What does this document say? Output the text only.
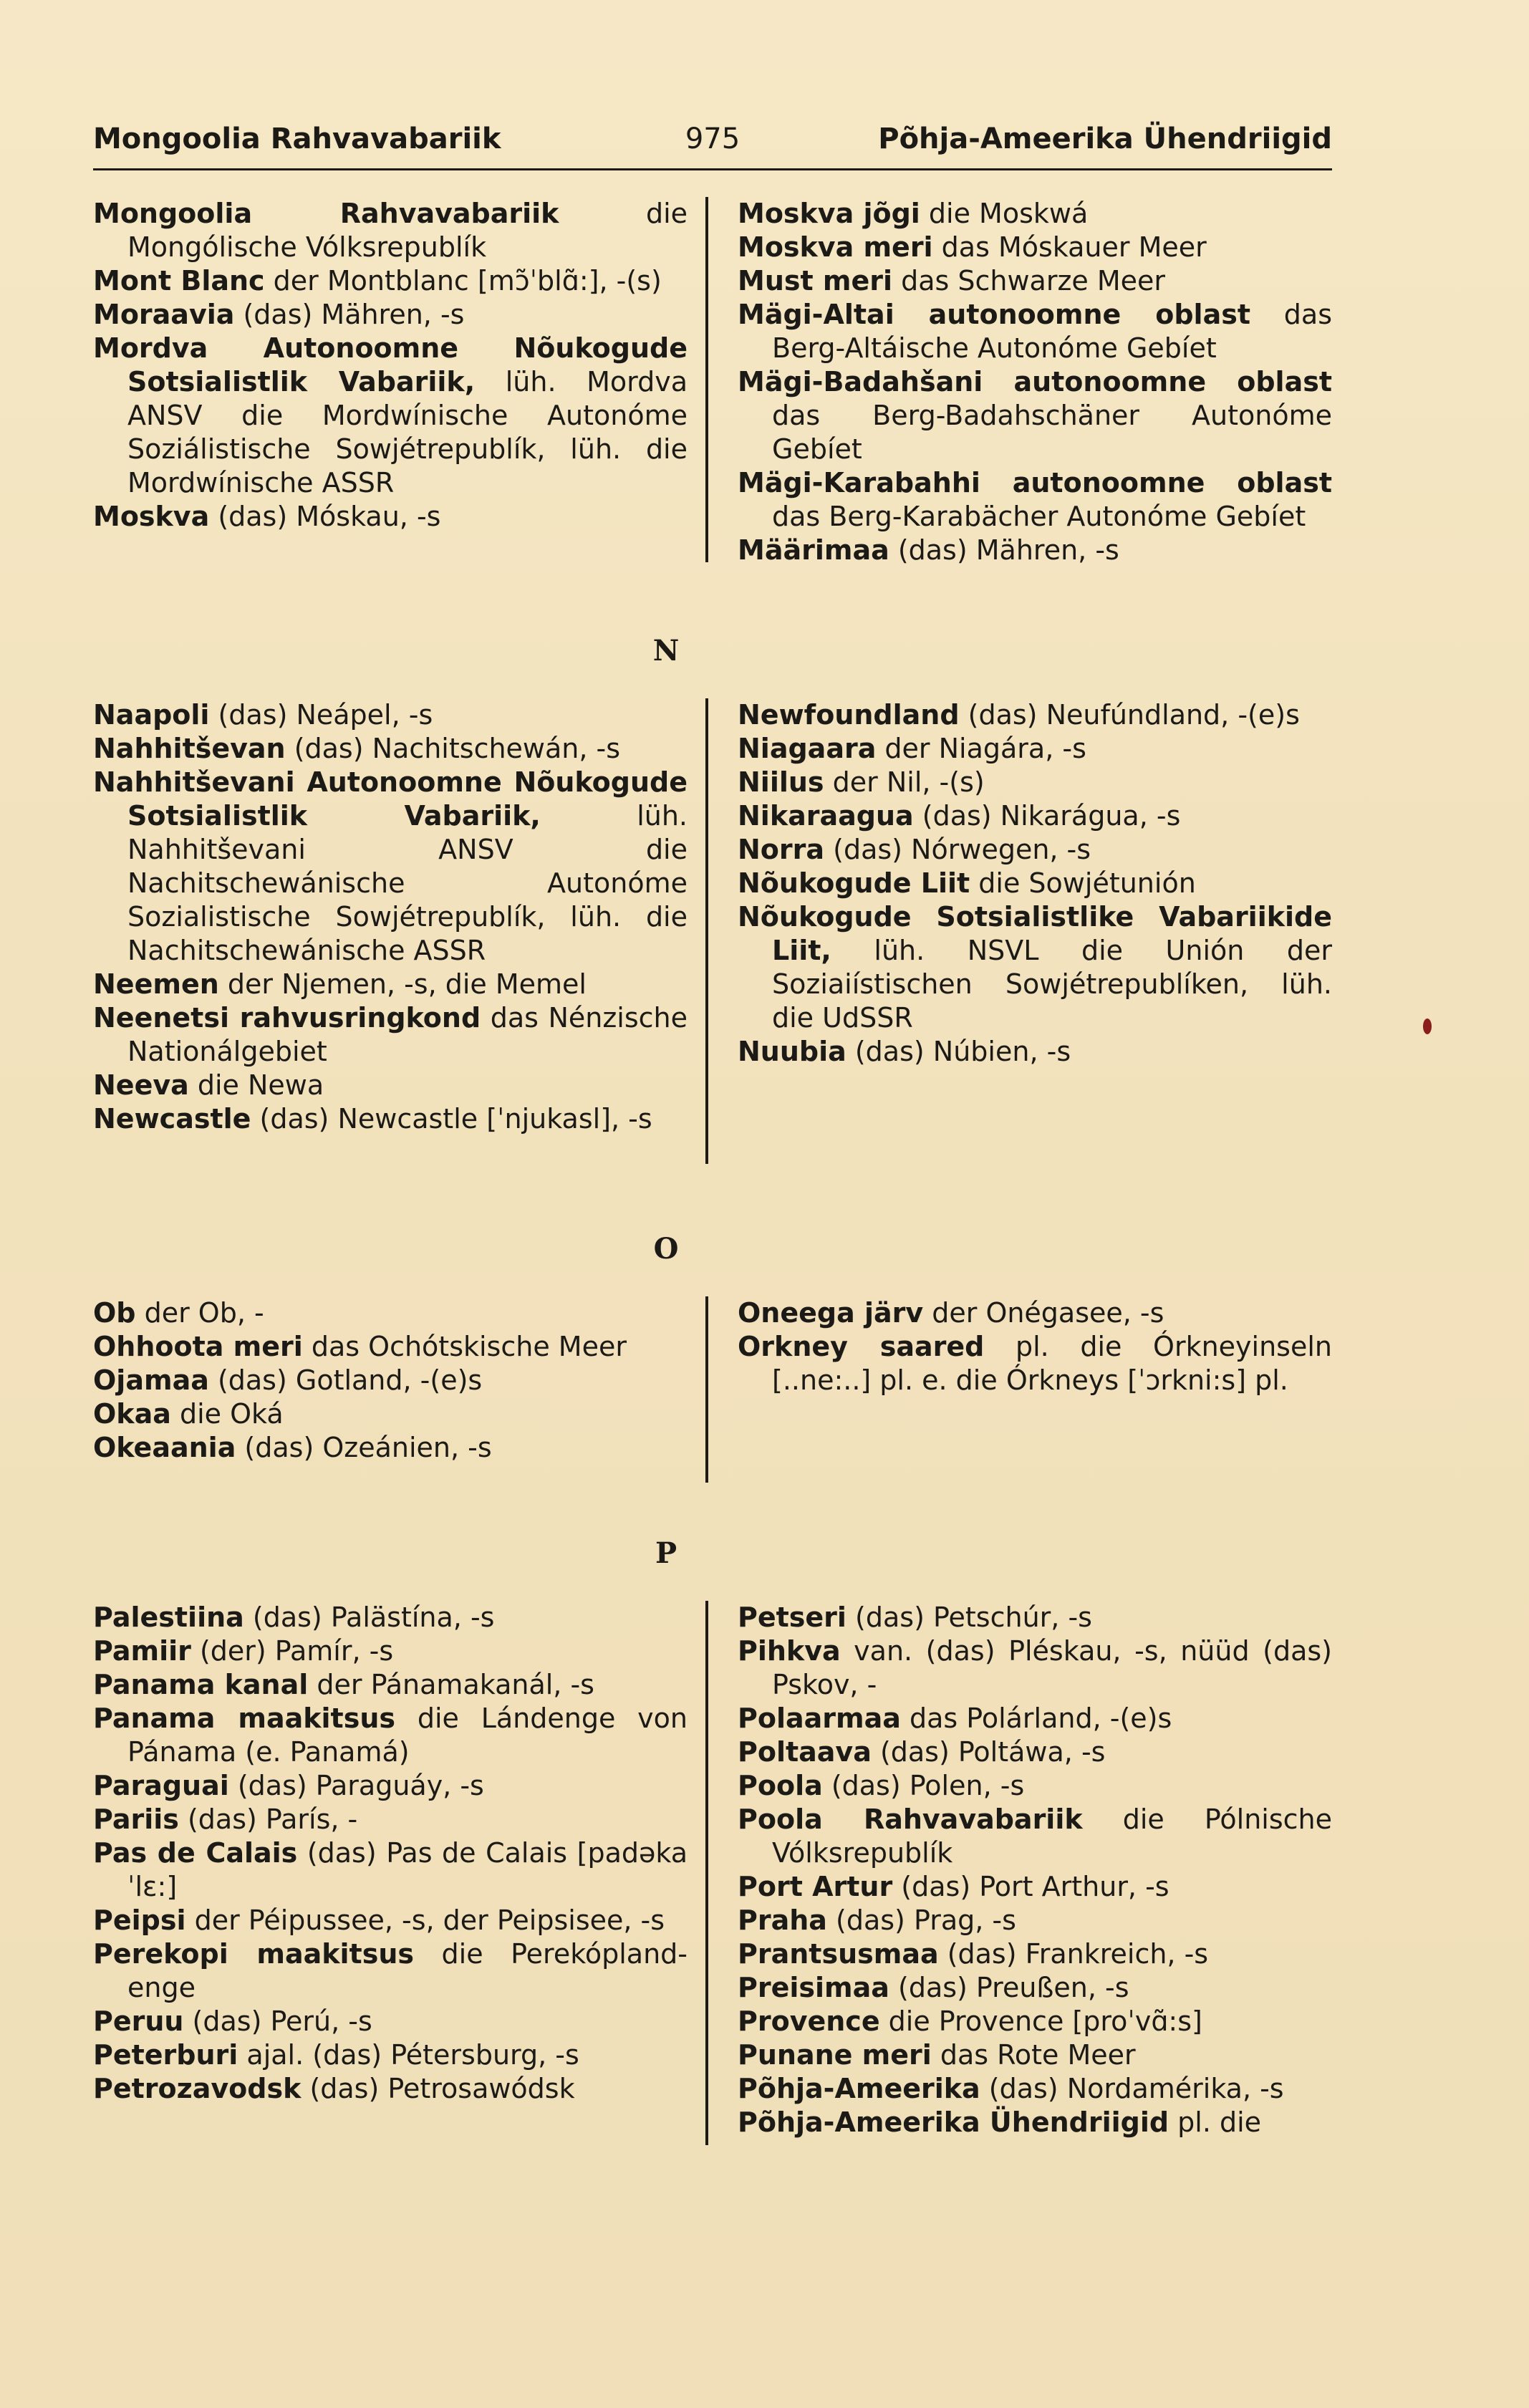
Mongoolia Rahvavabariik	975	Põhja-Ameerika Ühendriigid

Mongoolia Rahvavabariik die Mongólische Vólksrepublík

Mont Blanc der Montblanc [mɔ̃ˈblɑ̃:], -(s)

Moraavia (das) Mähren, -s

Mordva Autonoomne Nõukogude Sotsialistlik Vabariik, lüh. Mordva ANSV die Mordwínische Autonóme Soziálistische Sowjétrepublík, lüh. die Mordwínische ASSR

Moskva (das) Móskau, -s

Moskva jõgi die Moskwá

Moskva meri das Móskauer Meer

Must meri das Schwarze Meer

Mägi-Altai autonoomne oblast das Berg-Altáische Autonóme Gebíet

Mägi-Badahšani autonoomne oblast das Berg-Badahschäner Autonóme Gebíet

Mägi-Karabahhi autonoomne oblast das Berg-Karabächer Autonóme Gebíet

Määrimaa (das) Mähren, -s

N

Naapoli (das) Neápel, -s

Nahhitševan (das) Nachitschewán, -s

Nahhitševani Autonoomne Nõukogude Sotsialistlik Vabariik, lüh. Nahhitševani ANSV die Nachitschewánische Autonóme Sozialistische Sowjétrepublík, lüh. die Nachitschewánische ASSR

Neemen der Njemen, -s, die Memel

Neenetsi rahvusringkond das Nénzische Nationálgebiet

Neeva die Newa

Newcastle (das) Newcastle [ˈnjukasl], -s

Newfoundland (das) Neufúndland, -(e)s

Niagaara der Niagára, -s

Niilus der Nil, -(s)

Nikaraagua (das) Nikarágua, -s

Norra (das) Nórwegen, -s

Nõukogude Liit die Sowjétunión

Nõukogude Sotsialistlike Vabariikide Liit, lüh. NSVL die Unión der Soziaiístischen Sowjétrepublíken, lüh. die UdSSR

Nuubia (das) Núbien, -s

O

Ob der Ob, -

Ohhoota meri das Ochótskische Meer

Ojamaa (das) Gotland, -(e)s

Okaa die Oká

Okeaania (das) Ozeánien, -s

Oneega järv der Onégasee, -s

Orkney saared pl. die Órkneyinseln [..ne:..] pl. e. die Órkneys [ˈɔrkni:s] pl.

P

Palestiina (das) Palästína, -s

Pamiir (der) Pamír, -s

Panama kanal der Pánamakanál, -s

Panama maakitsus die Lándenge von Pánama (e. Panamá)

Paraguai (das) Paraguáy, -s

Pariis (das) París, -

Pas de Calais (das) Pas de Calais [padəkaˈlɛ:]

Peipsi der Péipussee, -s, der Peipsisee, -s

Perekopi maakitsus die Perekópland-enge

Peruu (das) Perú, -s

Peterburi ajal. (das) Pétersburg, -s

Petrozavodsk (das) Petrosawódsk

Petseri (das) Petschúr, -s

Pihkva van. (das) Pléskau, -s, nüüd (das) Pskov, -

Polaarmaa das Polárland, -(e)s

Poltaava (das) Poltáwa, -s

Poola (das) Polen, -s

Poola Rahvavabariik die Pólnische Vólksrepublík

Port Artur (das) Port Arthur, -s

Praha (das) Prag, -s

Prantsusmaa (das) Frankreich, -s

Preisimaa (das) Preußen, -s

Provence die Provence [proˈvɑ̃:s]

Punane meri das Rote Meer

Põhja-Ameerika (das) Nordamérika, -s

Põhja-Ameerika Ühendriigid pl. die
